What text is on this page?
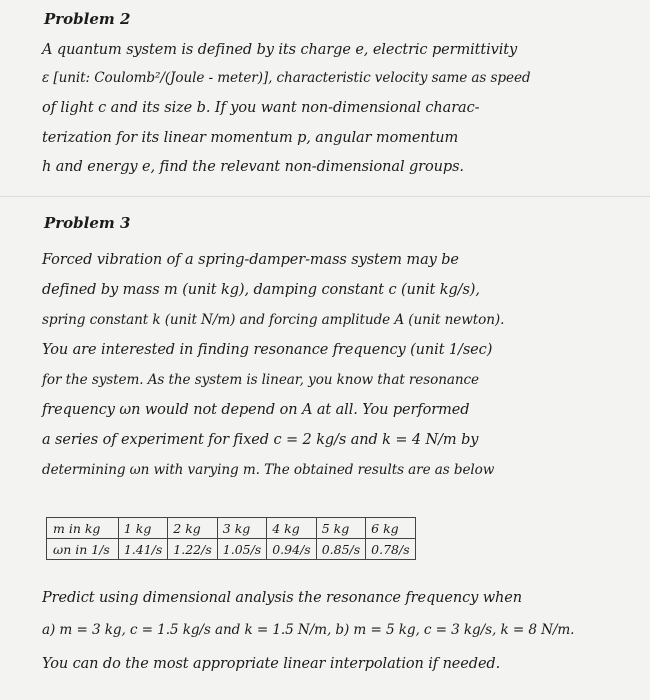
Problem 2
A quantum system is defined by its charge e, electric permittivity
ε [unit: Coulomb²/(Joule - meter)], characteristic velocity same as speed
of light c and its size b. If you want non-dimensional charac-
terization for its linear momentum p, angular momentum
h and energy e, find the relevant non-dimensional groups.
Problem 3
Forced vibration of a spring-damper-mass system may be
defined by mass m (unit kg), damping constant c (unit kg/s),
spring constant k (unit N/m) and forcing amplitude A (unit newton).
You are interested in finding resonance frequency (unit 1/sec)
for the system. As the system is linear, you know that resonance
frequency ωn would not depend on A at all. You performed
a series of experiment for fixed c = 2 kg/s and k = 4 N/m by
determining ωn with varying m. The obtained results are as below
m in kg	1 kg	2 kg	3 kg	4 kg	5 kg	6 kg
ωn in 1/s	1.41/s	1.22/s	1.05/s	0.94/s	0.85/s	0.78/s
Predict using dimensional analysis the resonance frequency when
a) m = 3 kg, c = 1.5 kg/s and k = 1.5 N/m, b) m = 5 kg, c = 3 kg/s, k = 8 N/m.
You can do the most appropriate linear interpolation if needed.
